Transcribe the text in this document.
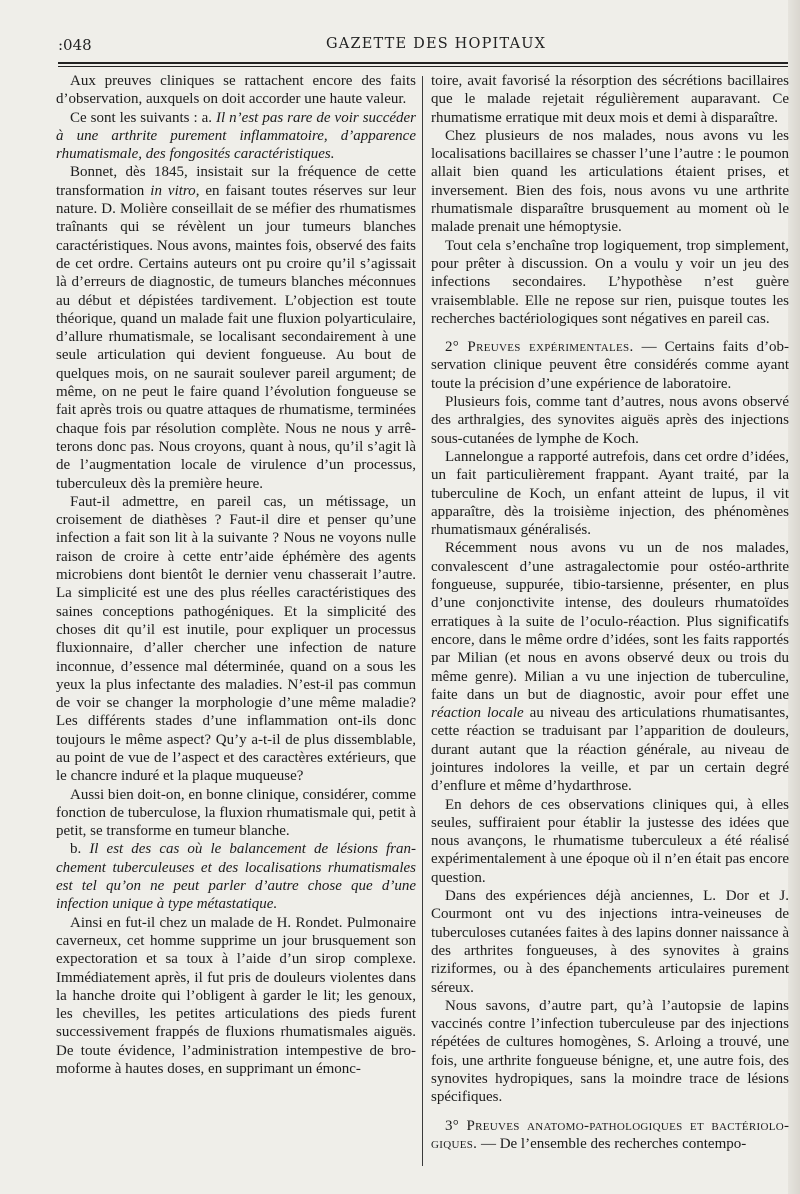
:048	GAZETTE DES HOPITAUX

Aux preuves cliniques se rattachent encore des faits d’observation, auxquels on doit accorder une haute valeur.

Ce sont les suivants : a. Il n’est pas rare de voir succéder à une arthrite purement inflammatoire, d’apparence rhumatismale, des fongosités caractéristiques.

Bonnet, dès 1845, insistait sur la fréquence de cette transformation in vitro, en faisant toutes réserves sur leur nature. D. Molière conseillait de se méfier des rhumatismes traînants qui se révèlent un jour tumeurs blanches caractéristiques. Nous avons, maintes fois, observé des faits de cet ordre. Certains auteurs ont pu croire qu’il s’agissait là d’erreurs de diagnostic, de tumeurs blanches méconnues au début et dépistées tardivement. L’objection est toute théorique, quand un malade fait une fluxion polyarticulaire, d’allure rhumatismale, se localisant secondairement à une seule articulation qui devient fongueuse. Au bout de quelques mois, on ne saurait soulever pareil argument; de même, on ne peut le faire quand l’évolution fongueuse se fait après trois ou quatre attaques de rhumatisme, terminées chaque fois par résolution complète. Nous ne nous y arrêterons donc pas. Nous croyons, quant à nous, qu’il s’agit là de l’augmentation locale de virulence d’un processus, tuberculeux dès la première heure.

Faut-il admettre, en pareil cas, un métissage, un croisement de diathèses ? Faut-il dire et penser qu’une infection a fait son lit à la suivante ? Nous ne voyons nulle raison de croire à cette entr’aide éphémère des agents microbiens dont bientôt le dernier venu chasserait l’autre. La simplicité est une des plus réelles caractéristiques des saines conceptions pathogéniques. Et la simplicité des choses dit qu’il est inutile, pour expliquer un processus fluxionnaire, d’aller chercher une infection de nature inconnue, d’essence mal déterminée, quand on a sous les yeux la plus infectante des maladies. N’est-il pas commun de voir se changer la morphologie d’une même maladie? Les différents stades d’une inflammation ont-ils donc toujours le même aspect? Qu’y a-t-il de plus dissemblable, au point de vue de l’aspect et des caractères extérieurs, que le chancre induré et la plaque muqueuse?

Aussi bien doit-on, en bonne clinique, considérer, comme fonction de tuberculose, la fluxion rhumatismale qui, petit à petit, se transforme en tumeur blanche.

b. Il est des cas où le balancement de lésions franchement tuberculeuses et des localisations rhumatismales est tel qu’on ne peut parler d’autre chose que d’une infection unique à type métastatique.

Ainsi en fut-il chez un malade de H. Rondet. Pulmonaire caverneux, cet homme supprime un jour brusquement son expectoration et sa toux à l’aide d’un sirop complexe. Immédiatement après, il fut pris de douleurs violentes dans la hanche droite qui l’obligent à garder le lit; les genoux, les chevilles, les petites articulations des pieds furent successivement frappés de fluxions rhumatismales aiguës. De toute évidence, l’administration intempestive de bromoforme à hautes doses, en supprimant un émonc-

toire, avait favorisé la résorption des sécrétions bacillaires que le malade rejetait régulièrement auparavant. Ce rhumatisme erratique mit deux mois et demi à disparaître.

Chez plusieurs de nos malades, nous avons vu les localisations bacillaires se chasser l’une l’autre : le poumon allait bien quand les articulations étaient prises, et inversement. Bien des fois, nous avons vu une arthrite rhumatismale disparaître brusquement au moment où le malade prenait une hémoptysie.

Tout cela s’enchaîne trop logiquement, trop simplement, pour prêter à discussion. On a voulu y voir un jeu des infections secondaires. L’hypothèse n’est guère vraisemblable. Elle ne repose sur rien, puisque toutes les recherches bactériologiques sont négatives en pareil cas.

2° Preuves expérimentales. — Certains faits d’observation clinique peuvent être considérés comme ayant toute la précision d’une expérience de laboratoire.

Plusieurs fois, comme tant d’autres, nous avons observé des arthralgies, des synovites aiguës après des injections sous-cutanées de lymphe de Koch.

Lannelongue a rapporté autrefois, dans cet ordre d’idées, un fait particulièrement frappant. Ayant traité, par la tuberculine de Koch, un enfant atteint de lupus, il vit apparaître, dès la troisième injection, des phénomènes rhumatismaux généralisés.

Récemment nous avons vu un de nos malades, convalescent d’une astragalectomie pour ostéo-arthrite fongueuse, suppurée, tibio-tarsienne, présenter, en plus d’une conjonctivite intense, des douleurs rhumatoïdes erratiques à la suite de l’oculo-réaction. Plus significatifs encore, dans le même ordre d’idées, sont les faits rapportés par Milian (et nous en avons observé deux ou trois du même genre). Milian a vu une injection de tuberculine, faite dans un but de diagnostic, avoir pour effet une réaction locale au niveau des articulations rhumatisantes, cette réaction se traduisant par l’apparition de douleurs, durant autant que la réaction générale, au niveau de jointures indolores la veille, et par un certain degré d’enflure et même d’hydarthrose.

En dehors de ces observations cliniques qui, à elles seules, suffiraient pour établir la justesse des idées que nous avançons, le rhumatisme tuberculeux a été réalisé expérimentalement à une époque où il n’en était pas encore question.

Dans des expériences déjà anciennes, L. Dor et J. Courmont ont vu des injections intra-veineuses de tuberculoses cutanées faites à des lapins donner naissance à des arthrites fongueuses, à des synovites à grains riziformes, ou à des épanchements articulaires purement séreux.

Nous savons, d’autre part, qu’à l’autopsie de lapins vaccinés contre l’infection tuberculeuse par des injections répétées de cultures homogènes, S. Arloing a trouvé, une fois, une arthrite fongueuse bénigne, et, une autre fois, des synovites hydropiques, sans la moindre trace de lésions spécifiques.

3° Preuves anatomo-pathologiques et bactériologiques. — De l’ensemble des recherches contempo-
